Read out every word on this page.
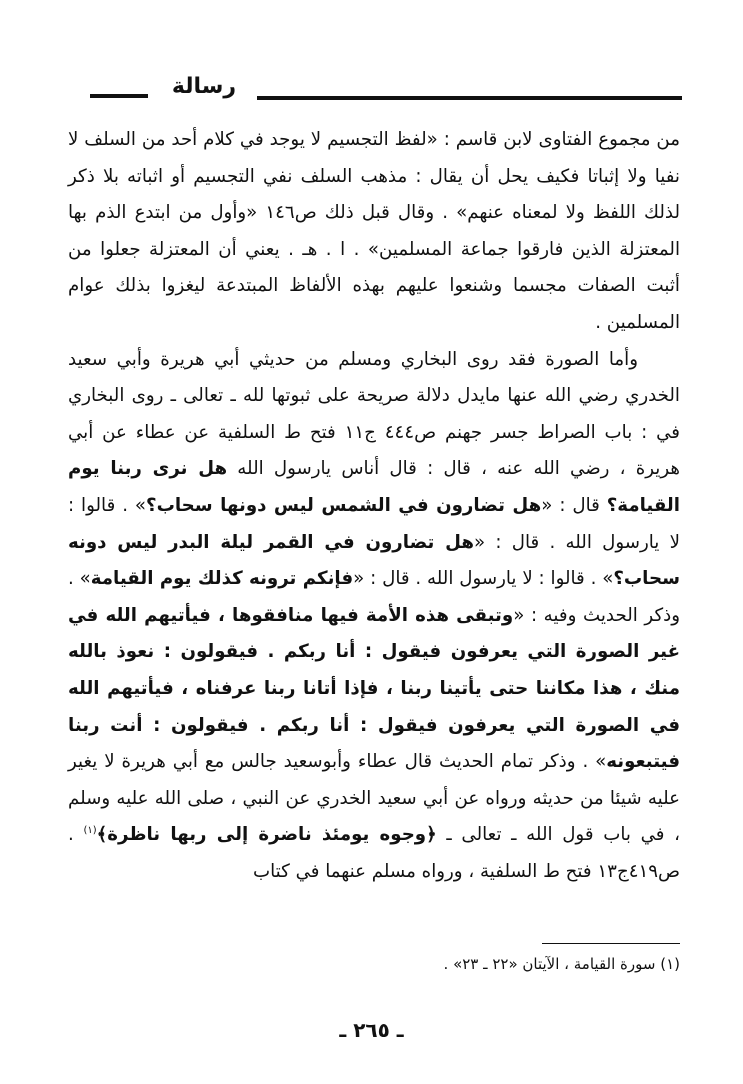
رسالة

من مجموع الفتاوى لابن قاسم : «لفظ التجسيم لا يوجد في كلام أحد من السلف لا نفيا ولا إثباتا فكيف يحل أن يقال : مذهب السلف نفي التجسيم أو اثباته بلا ذكر لذلك اللفظ ولا لمعناه عنهم» . وقال قبل ذلك ص١٤٦ «وأول من ابتدع الذم بها المعتزلة الذين فارقوا جماعة المسلمين» . ا . هـ . يعني أن المعتزلة جعلوا من أثبت الصفات مجسما وشنعوا عليهم بهذه الألفاظ المبتدعة ليغزوا بذلك عوام المسلمين .

وأما الصورة فقد روى البخاري ومسلم من حديثي أبي هريرة وأبي سعيد الخدري رضي الله عنها مايدل دلالة صريحة على ثبوتها لله ـ تعالى ـ روى البخاري في : باب الصراط جسر جهنم ص٤٤٤ ج١١ فتح ط السلفية عن عطاء عن أبي هريرة ، رضي الله عنه ، قال : قال أناس يارسول الله هل نرى ربنا يوم القيامة؟ قال : «هل تضارون في الشمس ليس دونها سحاب؟» . قالوا : لا يارسول الله . قال : «هل تضارون في القمر ليلة البدر ليس دونه سحاب؟» . قالوا : لا يارسول الله . قال : «فإنكم ترونه كذلك يوم القيامة» . وذكر الحديث وفيه : «وتبقى هذه الأمة فيها منافقوها ، فيأتيهم الله في غير الصورة التي يعرفون فيقول : أنا ربكم . فيقولون : نعوذ بالله منك ، هذا مكاننا حتى يأتينا ربنا ، فإذا أتانا ربنا عرفناه ، فيأتيهم الله في الصورة التي يعرفون فيقول : أنا ربكم . فيقولون : أنت ربنا فيتبعونه» . وذكر تمام الحديث قال عطاء وأبوسعيد جالس مع أبي هريرة لا يغير عليه شيئا من حديثه ورواه عن أبي سعيد الخدري عن النبي ، صلى الله عليه وسلم ، في باب قول الله ـ تعالى ـ ﴿وجوه يومئذ ناضرة إلى ربها ناظرة﴾$^{(١)}$ . ص٤١٩ج١٣ فتح ط السلفية ، ورواه مسلم عنهما في كتاب

(١) سورة القيامة ، الآيتان «٢٢ ـ ٢٣» .
ـ ٢٦٥ ـ
